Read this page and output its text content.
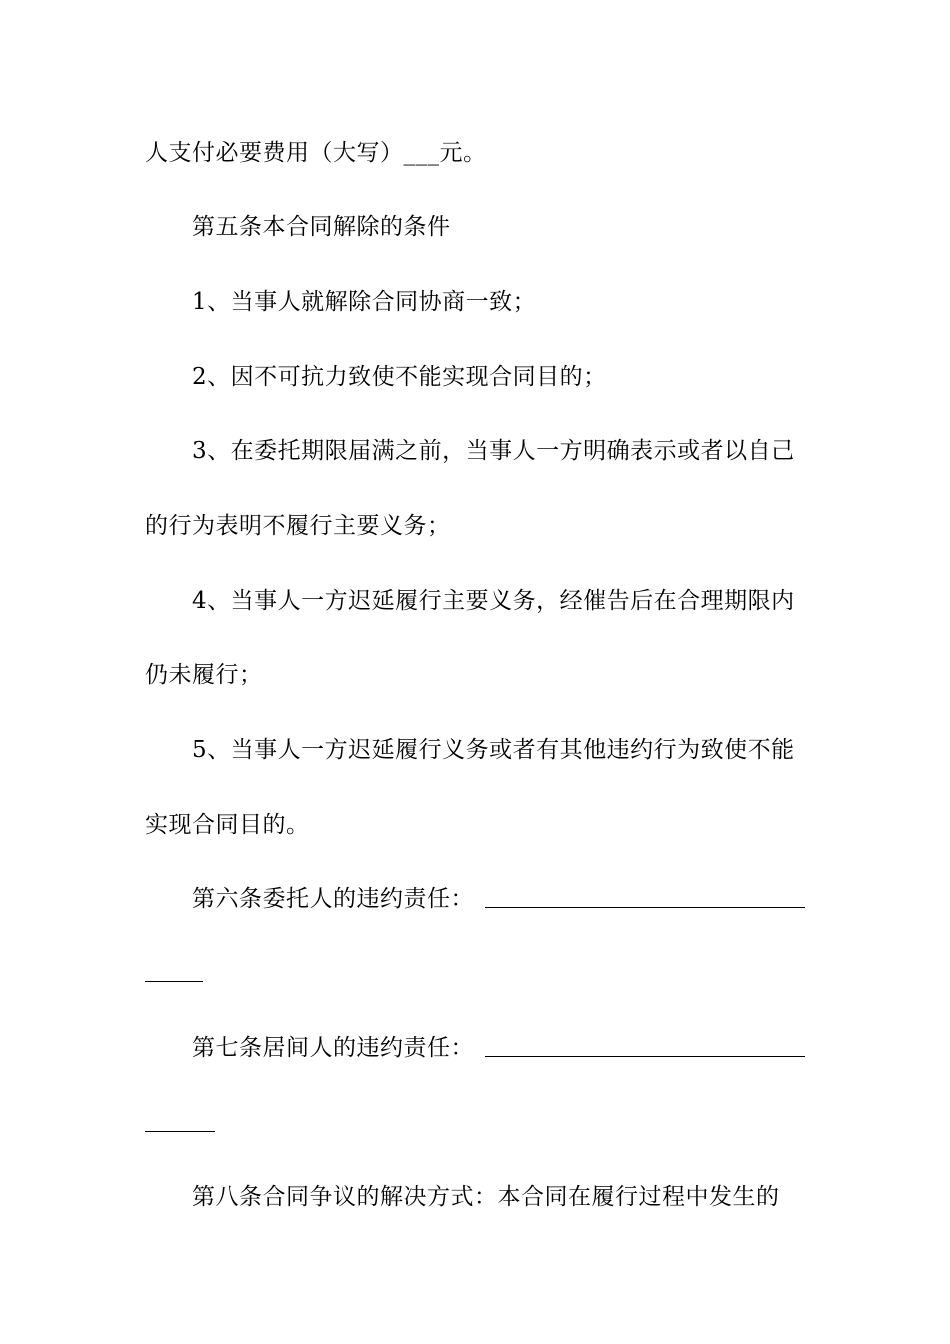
人支付必要费用（大写）___元。
第五条本合同解除的条件
1、当事人就解除合同协商一致；
2、因不可抗力致使不能实现合同目的；
3、在委托期限届满之前，当事人一方明确表示或者以自己
的行为表明不履行主要义务；
4、当事人一方迟延履行主要义务，经催告后在合理期限内
仍未履行；
5、当事人一方迟延履行义务或者有其他违约行为致使不能
实现合同目的。
第六条委托人的违约责任：
第七条居间人的违约责任：
第八条合同争议的解决方式：本合同在履行过程中发生的
